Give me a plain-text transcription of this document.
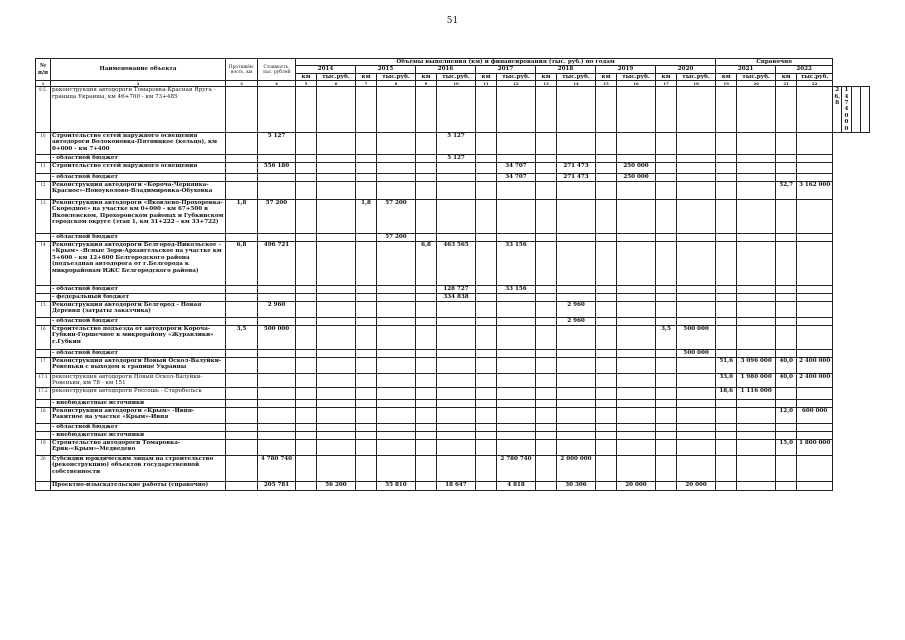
51
№ п/п	Наименование объекта	Протяжён-ность, км	Стоимость, тыс. рублей	Объёмы выполнения (км) и финансирования (тыс. руб.) по годам														Справочно							
				2014		2015		2016		2017		2018		2019		2020		2021		2022					
				км	тыс.руб.	км	тыс.руб.	км	тыс.руб.	км	тыс.руб.	км	тыс.руб.	км	тыс.руб.	км	тыс.руб.	км	тыс.руб.	км	тыс.руб.				
1	2	3	4	5	6	7	8	9	10	11	12	13	14	15	16	17	18	19	20	21	22				
9.5.	реконструкция автодороги Томаровка-Красная Яруга - граница Украины, км 46+700 - км 73+485																					26,8	1 474 000		
10	Строительство сетей наружного освещения автодороги Волоконовка-Пятницкое (кольцо), км 0+000 - км 7+400		5 127						5 127																
	- областной бюджет								5 127																
11	Строительство сетей наружного освещения		556 180								34 707		271 473		250 000										
	- областной бюджет										34 707		271 473		250 000										
12	Реконструкция автодороги «Короча-Чернянка-Красное»-Новоуколово-Владимировка-Обуховка																			52,7	3 162 000				
13	Реконструкция автодороги «Яковлево-Прохоровка-Скородное» на участке км 0+000 - км 67+500 в Яковлевском, Прохоровском районах и Губкинском городском округе (этап 1, км 31+222 - км 33+722)	1,8	57 200			1,8	57 200																		
	- областной бюджет						57 200																		
14	Реконструкция автодороги Белгород-Никольское - «Крым» -Ясные Зори-Архангельское на участке км 5+600 - км 12+600 Белгородского района (подъездная автодорога от г.Белгорода к микрорайонам ИЖС Белгородского района)	6,8	496 721					6,8	463 565		33 156														
	- областной бюджет								128 727		33 156														
	- федеральный бюджет								334 838																
15	Реконструкция автодороги Белгород - Новая Деревня (затраты заказчика)		2 960										2 960												
	- областной бюджет												2 960												
16	Строительство подъезда от автодороги Короча-Губкин-Горшечное к микрорайону «Журавлики» г.Губкин	3,5	500 000													3,5	500 000								
	- областной бюджет																500 000								
17	Реконструкция автодороги Новый Оскол-Валуйки-Ровеньки с выходом к границе Украины																	51,6	3 096 000	40,0	2 400 000				
17.1	реконструкция автодороги Новый Оскол-Валуйки-Ровеньки, км 78 - км 151																	33,0	1 980 000	40,0	2 400 000				
17.2	реконструкция автодороги Россошь - Старобельск																	18,6	1 116 000						
	- внебюджетные источники																								
18	Реконструкция автодороги «Крым» -Ивня-Ракитное на участке «Крым»-Ивня																			12,0	600 000				
	- областной бюджет																								
	- внебюджетные источники																								
19	Строительство автодороги Томаровка-Ерик-«Крым»-Медведево																			15,0	1 800 000				
20	Субсидии юридическим лицам на строительство (реконструкцию) объектов государственной собственности		4 780 740								2 780 740		2 000 000												
	Проектно-изыскательские работы (справочно)		205 781		56 200		55 810		18 647		4 818		30 306		20 000		20 000								
